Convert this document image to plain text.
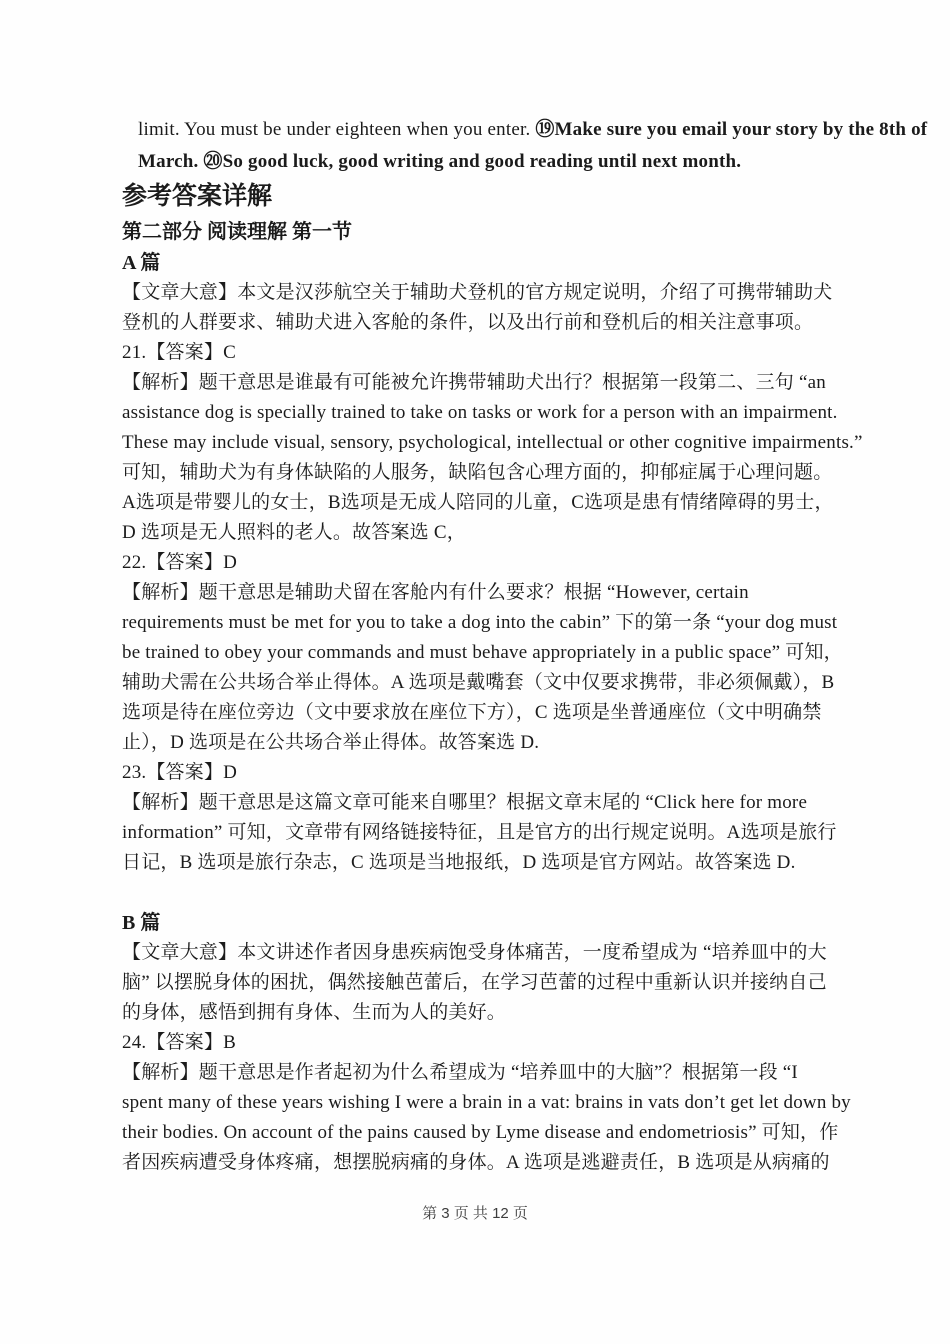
limit. You must be under eighteen when you enter. ⑲Make sure you email your story by the 8th of
March. ⑳So good luck, good writing and good reading until next month.
参考答案详解
第二部分 阅读理解 第一节
A 篇
【文章大意】本文是汉莎航空关于辅助犬登机的官方规定说明，介绍了可携带辅助犬
登机的人群要求、辅助犬进入客舱的条件，以及出行前和登机后的相关注意事项。
21.【答案】C
【解析】题干意思是谁最有可能被允许携带辅助犬出行？根据第一段第二、三句 “an
assistance dog is specially trained to take on tasks or work for a person with an impairment.
These may include visual, sensory, psychological, intellectual or other cognitive impairments.”
可知，辅助犬为有身体缺陷的人服务，缺陷包含心理方面的，抑郁症属于心理问题。
A选项是带婴儿的女士，B选项是无成人陪同的儿童，C选项是患有情绪障碍的男士，
D 选项是无人照料的老人。故答案选 C，
22.【答案】D
【解析】题干意思是辅助犬留在客舱内有什么要求？根据 “However, certain
requirements must be met for you to take a dog into the cabin” 下的第一条 “your dog must
be trained to obey your commands and must behave appropriately in a public space” 可知，
辅助犬需在公共场合举止得体。A 选项是戴嘴套（文中仅要求携带，非必须佩戴），B
选项是待在座位旁边（文中要求放在座位下方），C 选项是坐普通座位（文中明确禁
止），D 选项是在公共场合举止得体。故答案选 D.
23.【答案】D
【解析】题干意思是这篇文章可能来自哪里？根据文章末尾的 “Click here for more
information” 可知，文章带有网络链接特征，且是官方的出行规定说明。A选项是旅行
日记，B 选项是旅行杂志，C 选项是当地报纸，D 选项是官方网站。故答案选 D.
B 篇
【文章大意】本文讲述作者因身患疾病饱受身体痛苦，一度希望成为 “培养皿中的大
脑” 以摆脱身体的困扰，偶然接触芭蕾后，在学习芭蕾的过程中重新认识并接纳自己
的身体，感悟到拥有身体、生而为人的美好。
24.【答案】B
【解析】题干意思是作者起初为什么希望成为 “培养皿中的大脑”？根据第一段 “I
spent many of these years wishing I were a brain in a vat: brains in vats don’t get let down by
their bodies. On account of the pains caused by Lyme disease and endometriosis” 可知，作
者因疾病遭受身体疼痛，想摆脱病痛的身体。A 选项是逃避责任，B 选项是从病痛的
第 3 页 共 12 页
